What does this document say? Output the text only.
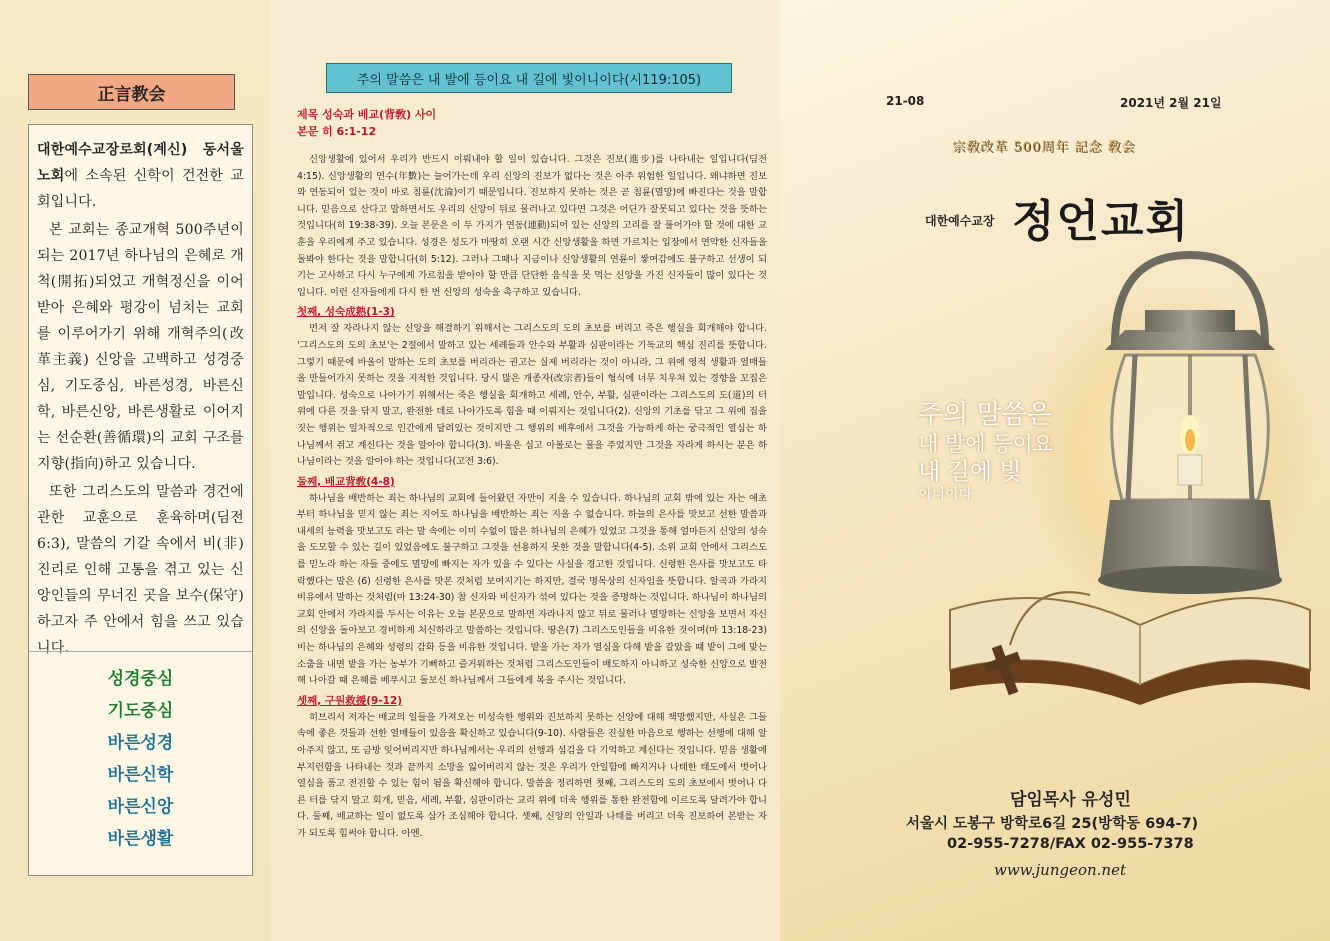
正言教会

대한예수교장로회(계신) 동서울 노회에 소속된 신학이 건전한 교회입니다.

본 교회는 종교개혁 500주년이 되는 2017년 하나님의 은혜로 개척(開拓)되었고 개혁정신을 이어받아 은혜와 평강이 넘치는 교회를 이루어가기 위해 개혁주의(改革主義) 신앙을 고백하고 성경중심, 기도중심, 바른성경, 바른신학, 바른신앙, 바른생활로 이어지는 선순환(善循環)의 교회 구조를 지향(指向)하고 있습니다.

또한 그리스도의 말씀과 경건에 관한 교훈으로 훈육하며(딤전 6:3), 말씀의 기갈 속에서 비(非) 진리로 인해 고통을 겪고 있는 신앙인들의 무너진 곳을 보수(保守)하고자 주 안에서 힘을 쓰고 있습니다.

성경중심
기도중심
바른성경
바른신학
바른신앙
바른생활
주의 말씀은 내 발에 등이요 내 길에 빛이니이다(시119:105)
제목 성숙과 배교(背敎) 사이
본문 히 6:1-12

신앙생활에 있어서 우리가 반드시 이뤄내야 할 일이 있습니다. 그것은 진보(進步)를 나타내는 일입니다(딤전 4:15). 신앙생활의 연수(年數)는 늘어가는데 우리 신앙의 진보가 없다는 것은 아주 위험한 일입니다. 왜냐하면 진보와 연동되어 있는 것이 바로 침륜(沈淪)이기 때문입니다. 진보하지 못하는 것은 곧 침륜(멸망)에 빠진다는 것을 말합니다. 믿음으로 산다고 말하면서도 우리의 신앙이 뒤로 물러나고 있다면 그것은 어딘가 잘못되고 있다는 것을 뜻하는 것입니다(히 19:38-39). 오늘 본문은 이 두 가지가 연동(連動)되어 있는 신앙의 고리를 잘 풀어가야 할 것에 대한 교훈을 우리에게 주고 있습니다. 성경은 성도가 마땅히 오랜 시간 신앙생활을 하면 가르치는 입장에서 연약한 신자들을 돌봐야 한다는 것을 말합니다(히 5:12). 그러나 그때나 지금이나 신앙생활의 연륜이 쌓여감에도 불구하고 선생이 되기는 고사하고 다시 누구에게 가르침을 받아야 할 만큼 단단한 음식을 못 먹는 신앙을 가진 신자들이 많이 있다는 것입니다. 이런 신자들에게 다시 한 번 신앙의 성숙을 촉구하고 있습니다.

첫째, 성숙成熟(1-3)

먼저 잘 자라나지 않는 신앙을 해결하기 위해서는 그리스도의 도의 초보를 버리고 죽은 행실을 회개해야 합니다. '그리스도의 도의 초보'는 2절에서 말하고 있는 세례들과 안수와 부활과 심판이라는 기독교의 핵심 진리를 뜻합니다. 그렇기 때문에 바울이 말하는 도의 초보를 버리라는 권고는 실제 버리라는 것이 아니라, 그 위에 영적 생활과 열매들을 만들어가지 못하는 것을 지적한 것입니다. 당시 많은 개종자(改宗者)들이 형식에 너무 치우쳐 있는 경향을 꼬집은 말입니다. 성숙으로 나아가기 위해서는 죽은 행실을 회개하고 세례, 안수, 부활, 심판이라는 그리스도의 도(道)의 터 위에 다른 것을 닦지 말고, 완전한 데로 나아가도록 힘을 때 이뤄지는 것입니다(2). 신앙의 기초를 닦고 그 위에 집을 짓는 행위는 일차적으로 인간에게 달려있는 것이지만 그 행위의 배후에서 그것을 가능하게 하는 궁극적인 열심는 하나님께서 쥐고 계신다는 것을 알아야 합니다(3). 바울은 심고 아볼로는 물을 주었지만 그것을 자라게 하시는 분은 하나님이라는 것을 알아야 하는 것입니다(고전 3:6).

둘째, 배교背敎(4-8)

하나님을 배반하는 죄는 하나님의 교회에 들어왔던 자만이 지을 수 있습니다. 하나님의 교회 밖에 있는 자는 애초부터 하나님을 믿지 않는 죄는 지어도 하나님을 배반하는 죄는 지을 수 없습니다. 하늘의 은사를 맛보고 선한 말씀과 내세의 능력을 맛보고도 라는 말 속에는 이미 수없이 많은 하나님의 은혜가 있었고 그것을 통해 얼마든지 신앙의 성숙을 도모할 수 있는 길이 있었음에도 불구하고 그것을 선용하지 못한 것을 말합니다(4-5). 소위 교회 안에서 그리스도를 믿노라 하는 자들 중에도 멸망에 빠지는 자가 있을 수 있다는 사실을 경고한 것입니다. 신령한 은사를 맛보고도 타락했다는 말은 (6) 신령한 은사를 맛본 것처럼 보여지기는 하지만, 결국 명목상의 신자임을 뜻합니다. 알곡과 가라지 비유에서 말하는 것처럼(마 13:24-30) 참 신자와 비신자가 섞여 있다는 것을 증명하는 것입니다. 하나님이 하나님의 교회 안에서 가라지를 두시는 이유는 오늘 본문으로 말하면 자라나지 않고 뒤로 물러나 멸망하는 신앙을 보면서 자신의 신앙을 돌아보고 경비하게 처신하라고 말씀하는 것입니다. 땅은(7) 그리스도인들을 비유한 것이며(마 13:18-23) 비는 하나님의 은혜와 성령의 감화 등을 비유한 것입니다. 밭을 가는 자가 열심을 다해 밭을 갈았을 때 밭이 그에 맞는 소출을 내면 밭을 가는 농부가 기뻐하고 즐거워하는 것처럼 그리스도인들이 배도하지 아니하고 성숙한 신앙으로 발전해 나아갈 때 은혜를 베푸시고 돌보신 하나님께서 그들에게 복을 주시는 것입니다.

셋째, 구원救援(9-12)

히브리서 저자는 배교의 일들을 가져오는 미성숙한 행위와 진보하지 못하는 신앙에 대해 책망했지만, 사실은 그들 속에 좋은 것들과 선한 열매들이 있음을 확신하고 있습니다(9-10). 사람들은 진실한 마음으로 행하는 선행에 대해 알아주지 않고, 또 금방 잊어버리지만 하나님께서는 우리의 선행과 섬김을 다 기억하고 계신다는 것입니다. 믿음 생활에 부지런함을 나타내는 것과 끝까지 소망을 잃어버리지 않는 것은 우리가 안일함에 빠지거나 나태한 태도에서 벗어나 열심을 품고 전진할 수 있는 힘이 됨을 확신해야 합니다. 말씀을 정리하면 첫째, 그리스도의 도의 초보에서 벗어나 다른 터를 닦지 말고 회개, 믿음, 세례, 부활, 심판이라는 교리 위에 더욱 행위를 통한 완전함에 이르도록 달려가야 합니다. 둘째, 배교하는 일이 없도록 삼가 조심해야 합니다. 셋째, 신앙의 안일과 나태를 버리고 더욱 진보하여 본받는 자가 되도록 힘써야 합니다. 아멘.

21-08	2021년 2월 21일
宗敎改革 500周年 記念 敎会
대한예수교장 정언교회
주의 말씀은
내 발에 등이요
내 길에 빛
이니이다
담임목사 유성민
서울시 도봉구 방학로6길 25(방학동 694-7)
02-955-7278/FAX 02-955-7378
www.jungeon.net
